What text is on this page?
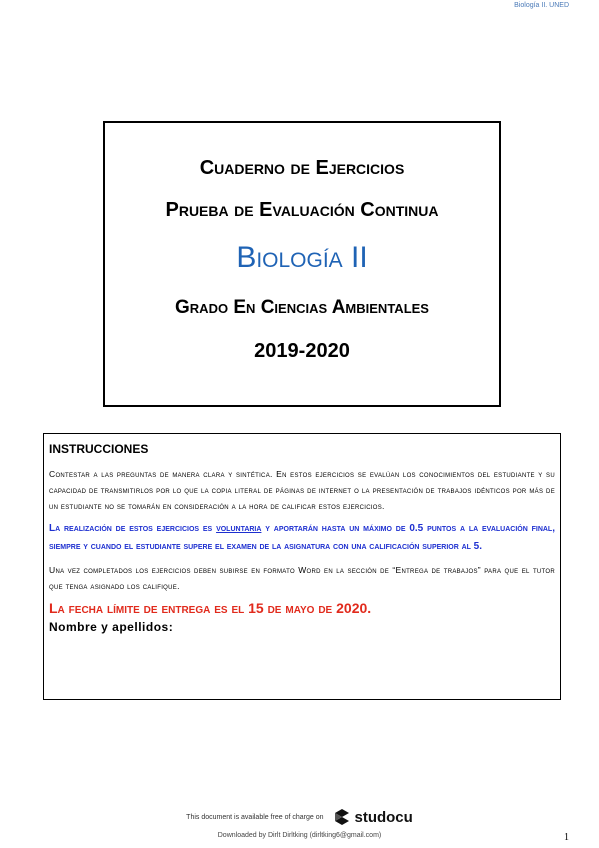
Biología II. UNED
Cuaderno de Ejercicios
Prueba de Evaluación Continua
Biología II
Grado En Ciencias Ambientales
2019-2020
INSTRUCCIONES

Contestar a las preguntas de manera clara y sintética. En estos ejercicios se evalúan los conocimientos del estudiante y su capacidad de transmitirlos por lo que la copia literal de páginas de internet o la presentación de trabajos idénticos por más de un estudiante no se tomarán en consideración a la hora de calificar estos ejercicios.

La realización de estos ejercicios es voluntaria y aportarán hasta un máximo de 0.5 puntos a la evaluación final, siempre y cuando el estudiante supere el examen de la asignatura con una calificación superior al 5.

Una vez completados los ejercicios deben subirse en formato Word en la sección de “Entrega de trabajos” para que el tutor que tenga asignado los califique.

La fecha límite de entrega es el 15 de mayo de 2020.
Nombre y apellidos:
This document is available free of charge on studocu
Downloaded by Dirlt Dirltking (dirltking6@gmail.com)	1
